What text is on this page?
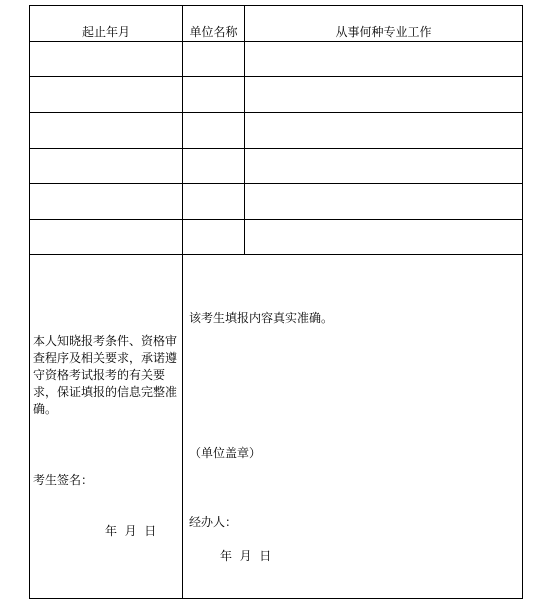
起止年月	单位名称	从事何种专业工作
本人知晓报考条件、资格审查程序及相关要求，承诺遵守资格考试报考的有关要求，保证填报的信息完整准确。
考生签名：
年  月  日
该考生填报内容真实准确。
（单位盖章）
经办人：
年  月  日
